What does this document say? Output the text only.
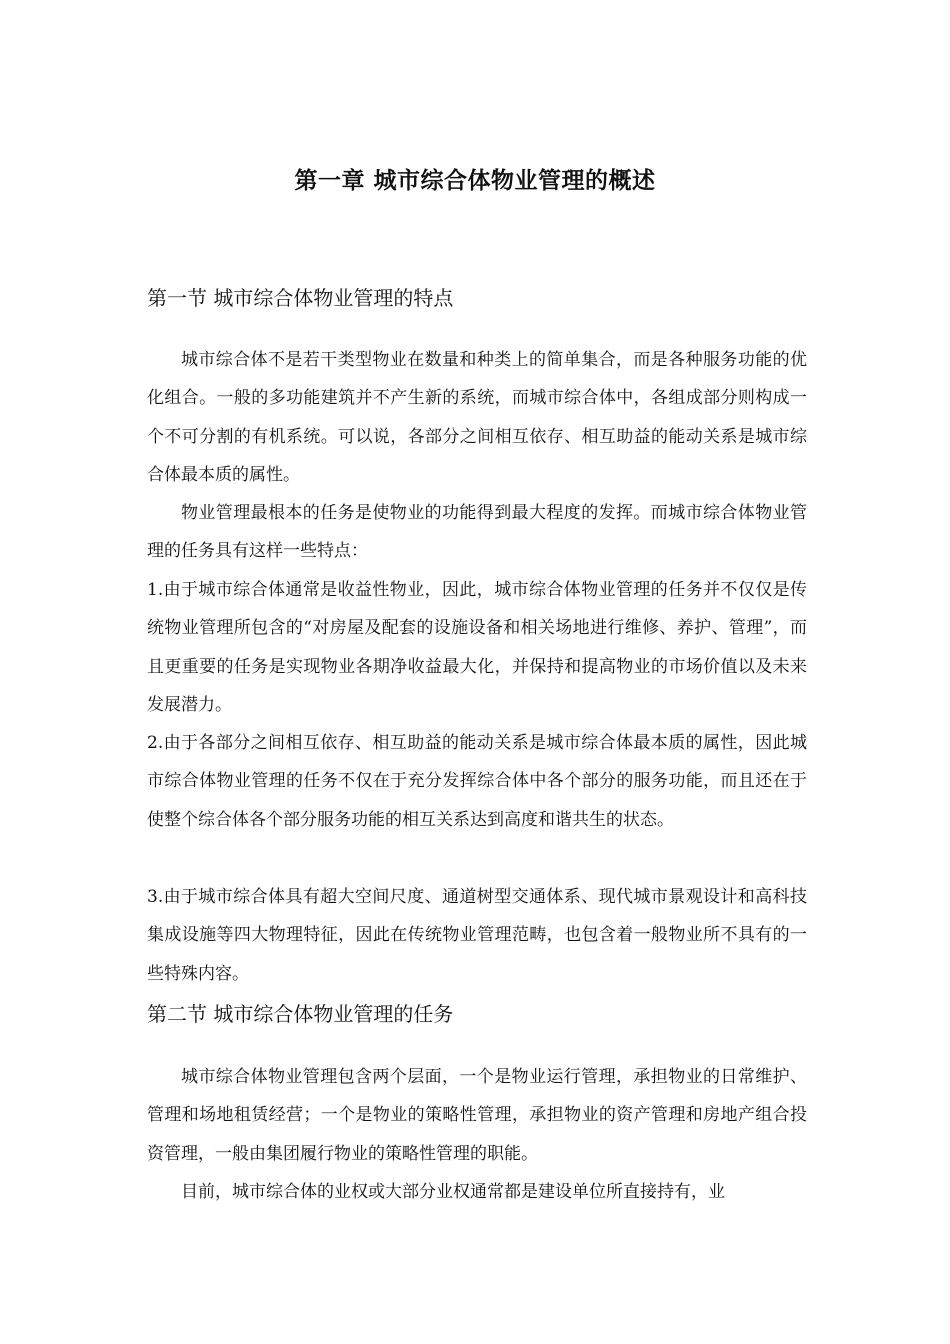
第一章 城市综合体物业管理的概述
第一节 城市综合体物业管理的特点

城市综合体不是若干类型物业在数量和种类上的简单集合，而是各种服务功能的优化组合。一般的多功能建筑并不产生新的系统，而城市综合体中，各组成部分则构成一个不可分割的有机系统。可以说，各部分之间相互依存、相互助益的能动关系是城市综合体最本质的属性。

物业管理最根本的任务是使物业的功能得到最大程度的发挥。而城市综合体物业管理的任务具有这样一些特点：

1.由于城市综合体通常是收益性物业，因此，城市综合体物业管理的任务并不仅仅是传统物业管理所包含的“对房屋及配套的设施设备和相关场地进行维修、养护、管理”，而且更重要的任务是实现物业各期净收益最大化，并保持和提高物业的市场价值以及未来发展潜力。

2.由于各部分之间相互依存、相互助益的能动关系是城市综合体最本质的属性，因此城市综合体物业管理的任务不仅在于充分发挥综合体中各个部分的服务功能，而且还在于使整个综合体各个部分服务功能的相互关系达到高度和谐共生的状态。

3.由于城市综合体具有超大空间尺度、通道树型交通体系、现代城市景观设计和高科技集成设施等四大物理特征，因此在传统物业管理范畴，也包含着一般物业所不具有的一些特殊内容。

第二节 城市综合体物业管理的任务

城市综合体物业管理包含两个层面，一个是物业运行管理，承担物业的日常维护、管理和场地租赁经营；一个是物业的策略性管理，承担物业的资产管理和房地产组合投资管理，一般由集团履行物业的策略性管理的职能。

目前，城市综合体的业权或大部分业权通常都是建设单位所直接持有，业
